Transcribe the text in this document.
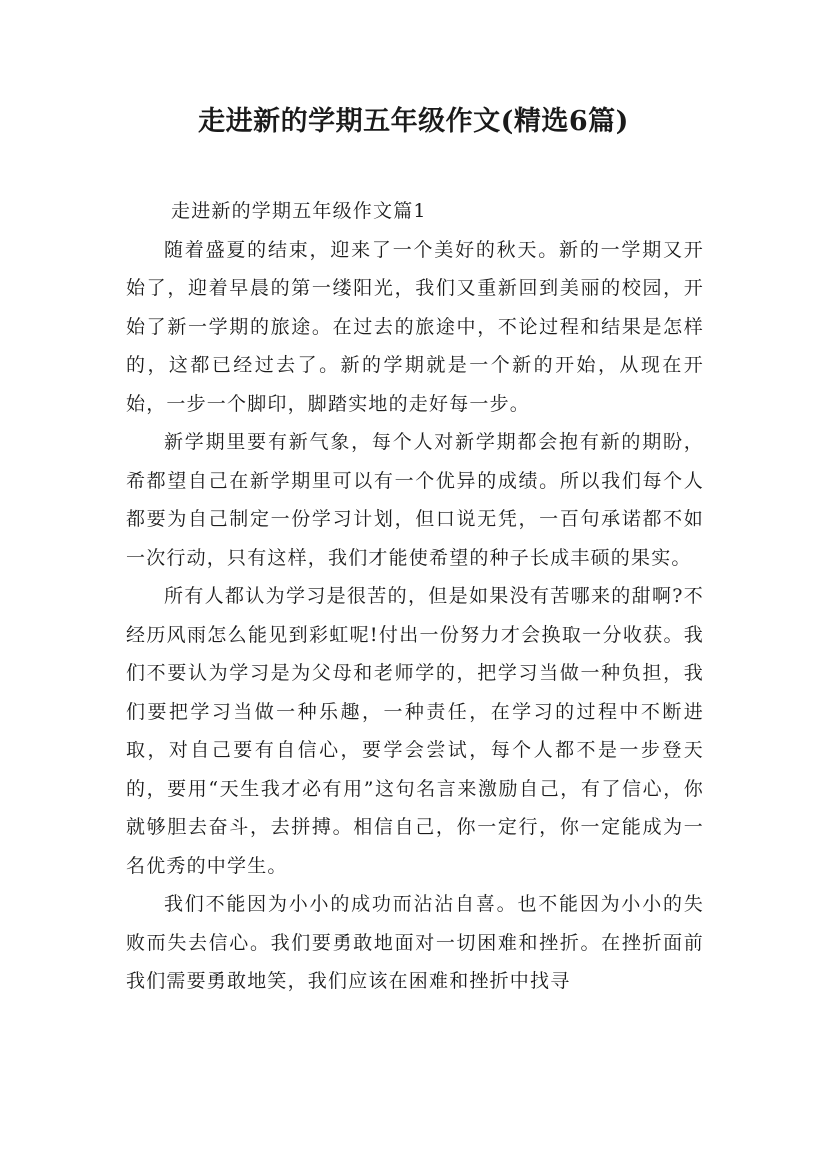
走进新的学期五年级作文(精选6篇)
走进新的学期五年级作文篇1

随着盛夏的结束，迎来了一个美好的秋天。新的一学期又开始了，迎着早晨的第一缕阳光，我们又重新回到美丽的校园，开始了新一学期的旅途。在过去的旅途中，不论过程和结果是怎样的，这都已经过去了。新的学期就是一个新的开始，从现在开始，一步一个脚印，脚踏实地的走好每一步。

新学期里要有新气象，每个人对新学期都会抱有新的期盼，希都望自己在新学期里可以有一个优异的成绩。所以我们每个人都要为自己制定一份学习计划，但口说无凭，一百句承诺都不如一次行动，只有这样，我们才能使希望的种子长成丰硕的果实。

所有人都认为学习是很苦的，但是如果没有苦哪来的甜啊?不经历风雨怎么能见到彩虹呢!付出一份努力才会换取一分收获。我们不要认为学习是为父母和老师学的，把学习当做一种负担，我们要把学习当做一种乐趣，一种责任，在学习的过程中不断进取，对自己要有自信心，要学会尝试，每个人都不是一步登天的，要用“天生我才必有用”这句名言来激励自己，有了信心，你就够胆去奋斗，去拼搏。相信自己，你一定行，你一定能成为一名优秀的中学生。

我们不能因为小小的成功而沾沾自喜。也不能因为小小的失败而失去信心。我们要勇敢地面对一切困难和挫折。在挫折面前我们需要勇敢地笑，我们应该在困难和挫折中找寻
